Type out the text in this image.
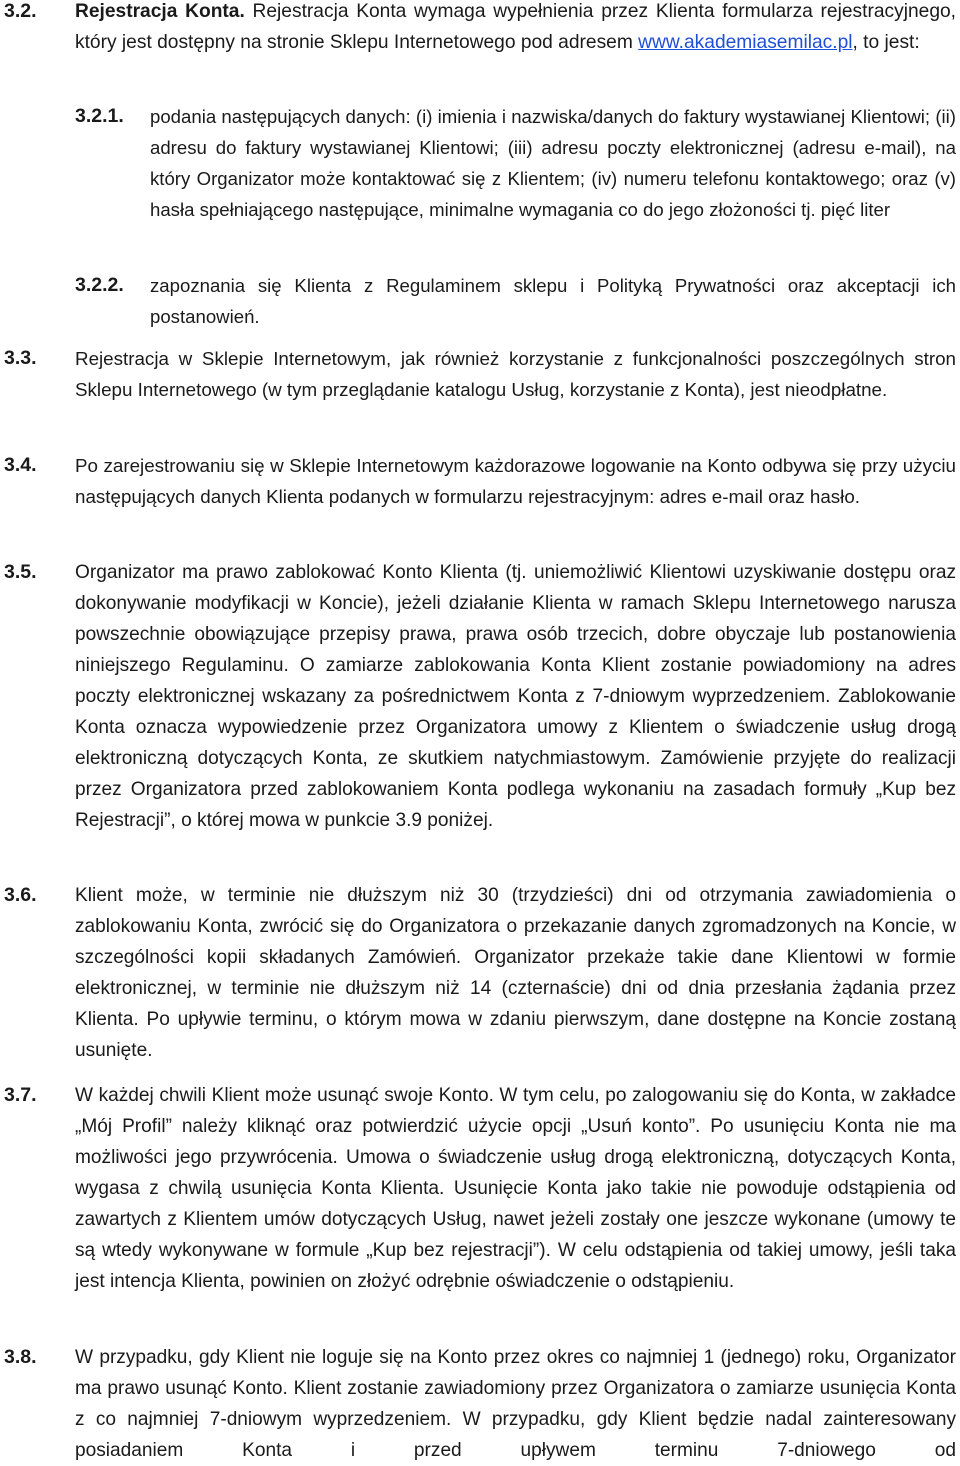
3.2. Rejestracja Konta. Rejestracja Konta wymaga wypełnienia przez Klienta formularza rejestracyjnego, który jest dostępny na stronie Sklepu Internetowego pod adresem www.akademiasemilac.pl, to jest:

3.2.1. podania następujących danych: (i) imienia i nazwiska/danych do faktury wystawianej Klientowi; (ii) adresu do faktury wystawianej Klientowi; (iii) adresu poczty elektronicznej (adresu e-mail), na który Organizator może kontaktować się z Klientem; (iv) numeru telefonu kontaktowego; oraz (v) hasła spełniającego następujące, minimalne wymagania co do jego złożoności tj. pięć liter

3.2.2. zapoznania się Klienta z Regulaminem sklepu i Polityką Prywatności oraz akceptacji ich postanowień.

3.3. Rejestracja w Sklepie Internetowym, jak również korzystanie z funkcjonalności poszczególnych stron Sklepu Internetowego (w tym przeglądanie katalogu Usług, korzystanie z Konta), jest nieodpłatne.

3.4. Po zarejestrowaniu się w Sklepie Internetowym każdorazowe logowanie na Konto odbywa się przy użyciu następujących danych Klienta podanych w formularzu rejestracyjnym: adres e-mail oraz hasło.

3.5. Organizator ma prawo zablokować Konto Klienta (tj. uniemożliwić Klientowi uzyskiwanie dostępu oraz dokonywanie modyfikacji w Koncie), jeżeli działanie Klienta w ramach Sklepu Internetowego narusza powszechnie obowiązujące przepisy prawa, prawa osób trzecich, dobre obyczaje lub postanowienia niniejszego Regulaminu. O zamiarze zablokowania Konta Klient zostanie powiadomiony na adres poczty elektronicznej wskazany za pośrednictwem Konta z 7-dniowym wyprzedzeniem. Zablokowanie Konta oznacza wypowiedzenie przez Organizatora umowy z Klientem o świadczenie usług drogą elektroniczną dotyczących Konta, ze skutkiem natychmiastowym. Zamówienie przyjęte do realizacji przez Organizatora przed zablokowaniem Konta podlega wykonaniu na zasadach formuły „Kup bez Rejestracji”, o której mowa w punkcie 3.9 poniżej.

3.6. Klient może, w terminie nie dłuższym niż 30 (trzydzieści) dni od otrzymania zawiadomienia o zablokowaniu Konta, zwrócić się do Organizatora o przekazanie danych zgromadzonych na Koncie, w szczególności kopii składanych Zamówień. Organizator przekaże takie dane Klientowi w formie elektronicznej, w terminie nie dłuższym niż 14 (czternaście) dni od dnia przesłania żądania przez Klienta. Po upływie terminu, o którym mowa w zdaniu pierwszym, dane dostępne na Koncie zostaną usunięte.

3.7. W każdej chwili Klient może usunąć swoje Konto. W tym celu, po zalogowaniu się do Konta, w zakładce „Mój Profil” należy kliknąć oraz potwierdzić użycie opcji „Usuń konto”. Po usunięciu Konta nie ma możliwości jego przywrócenia. Umowa o świadczenie usług drogą elektroniczną, dotyczących Konta, wygasa z chwilą usunięcia Konta Klienta. Usunięcie Konta jako takie nie powoduje odstąpienia od zawartych z Klientem umów dotyczących Usług, nawet jeżeli zostały one jeszcze wykonane (umowy te są wtedy wykonywane w formule „Kup bez rejestracji”). W celu odstąpienia od takiej umowy, jeśli taka jest intencja Klienta, powinien on złożyć odrębnie oświadczenie o odstąpieniu.

3.8. W przypadku, gdy Klient nie loguje się na Konto przez okres co najmniej 1 (jednego) roku, Organizator ma prawo usunąć Konto. Klient zostanie zawiadomiony przez Organizatora o zamiarze usunięcia Konta z co najmniej 7-dniowym wyprzedzeniem. W przypadku, gdy Klient będzie nadal zainteresowany posiadaniem Konta i przed upływem terminu 7-dniowego od
